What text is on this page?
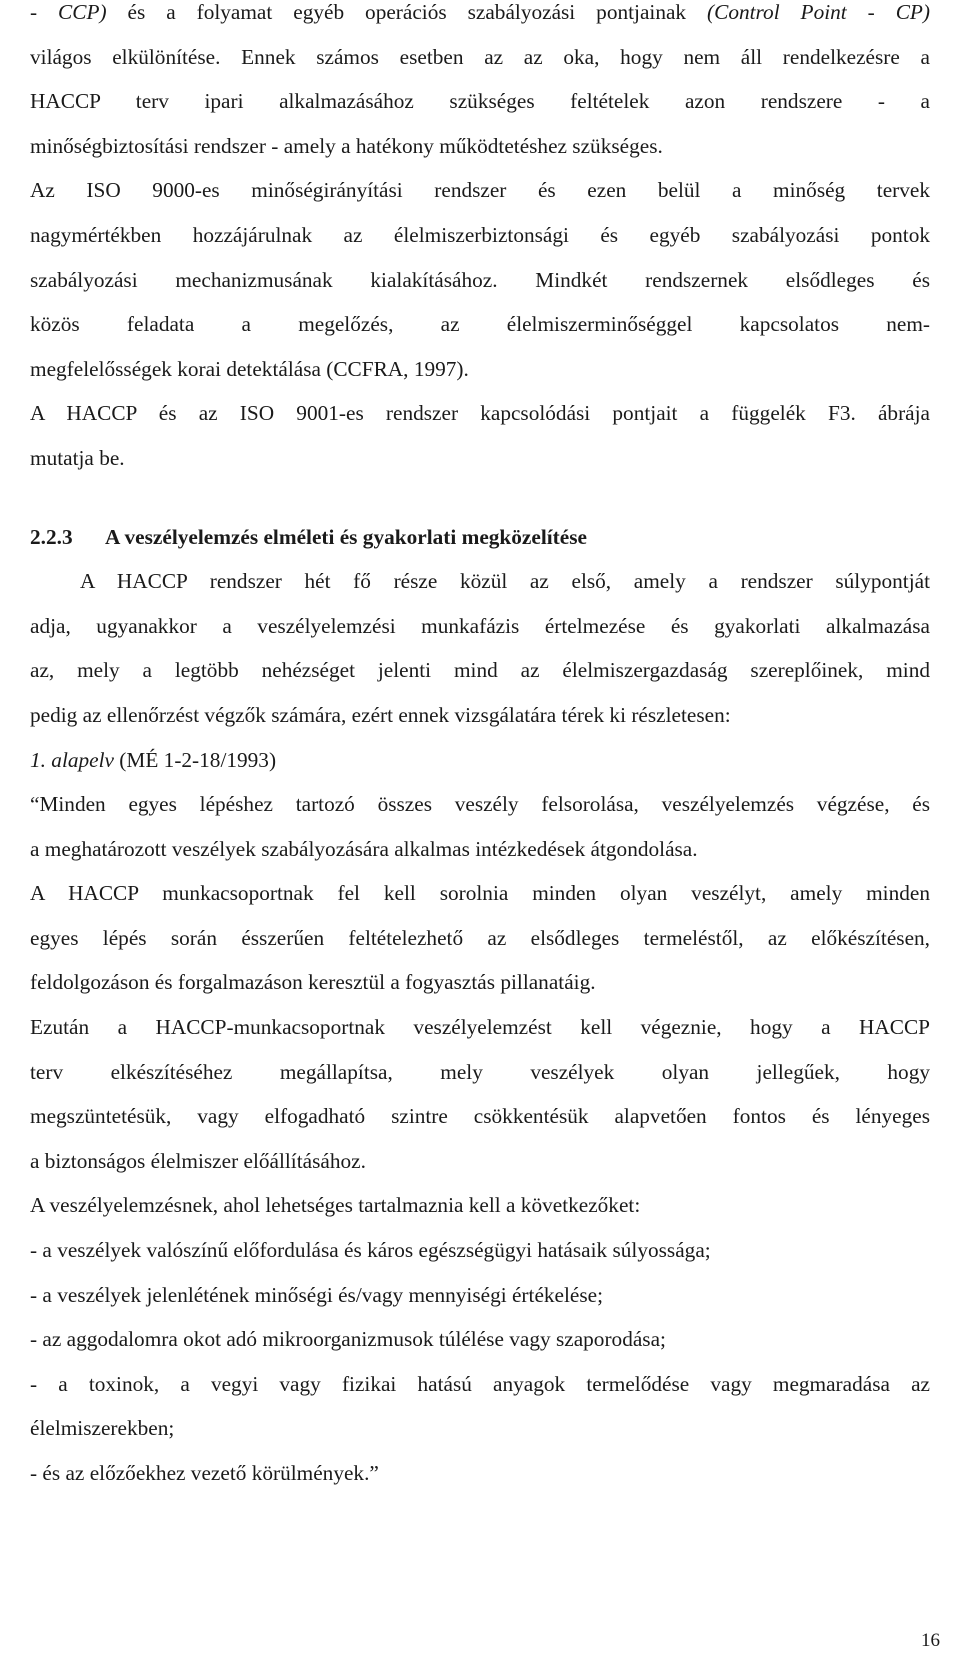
- CCP) és a folyamat egyéb operációs szabályozási pontjainak (Control Point - CP)
világos elkülönítése. Ennek számos esetben az az oka, hogy nem áll rendelkezésre a
HACCP terv ipari alkalmazásához szükséges feltételek azon rendszere - a
minőségbiztosítási rendszer - amely a hatékony működtetéshez szükséges.
Az ISO 9000-es minőségirányítási rendszer és ezen belül a minőség tervek
nagymértékben hozzájárulnak az élelmiszerbiztonsági és egyéb szabályozási pontok
szabályozási mechanizmusának kialakításához. Mindkét rendszernek elsődleges és
közös feladata a megelőzés, az élelmiszerminőséggel kapcsolatos nem-
megfelelősségek korai detektálása (CCFRA, 1997).
A HACCP és az ISO 9001-es rendszer kapcsolódási pontjait a függelék F3. ábrája
mutatja be.
2.2.3 A veszélyelemzés elméleti és gyakorlati megközelítése
A HACCP rendszer hét fő része közül az első, amely a rendszer súlypontját
adja, ugyanakkor a veszélyelemzési munkafázis értelmezése és gyakorlati alkalmazása
az, mely a legtöbb nehézséget jelenti mind az élelmiszergazdaság szereplőinek, mind
pedig az ellenőrzést végzők számára, ezért ennek vizsgálatára térek ki részletesen:
1. alapelv (MÉ 1-2-18/1993)
“Minden egyes lépéshez tartozó összes veszély felsorolása, veszélyelemzés végzése, és
a meghatározott veszélyek szabályozására alkalmas intézkedések átgondolása.
A HACCP munkacsoportnak fel kell sorolnia minden olyan veszélyt, amely minden
egyes lépés során ésszerűen feltételezhető az elsődleges termeléstől, az előkészítésen,
feldolgozáson és forgalmazáson keresztül a fogyasztás pillanatáig.
Ezután a HACCP-munkacsoportnak veszélyelemzést kell végeznie, hogy a HACCP
terv elkészítéséhez megállapítsa, mely veszélyek olyan jellegűek, hogy
megszüntetésük, vagy elfogadható szintre csökkentésük alapvetően fontos és lényeges
a biztonságos élelmiszer előállításához.
A veszélyelemzésnek, ahol lehetséges tartalmaznia kell a következőket:
- a veszélyek valószínű előfordulása és káros egészségügyi hatásaik súlyossága;
- a veszélyek jelenlétének minőségi és/vagy mennyiségi értékelése;
- az aggodalomra okot adó mikroorganizmusok túlélése vagy szaporodása;
- a toxinok, a vegyi vagy fizikai hatású anyagok termelődése vagy megmaradása az
élelmiszerekben;
- és az előzőekhez vezető körülmények.”
16
